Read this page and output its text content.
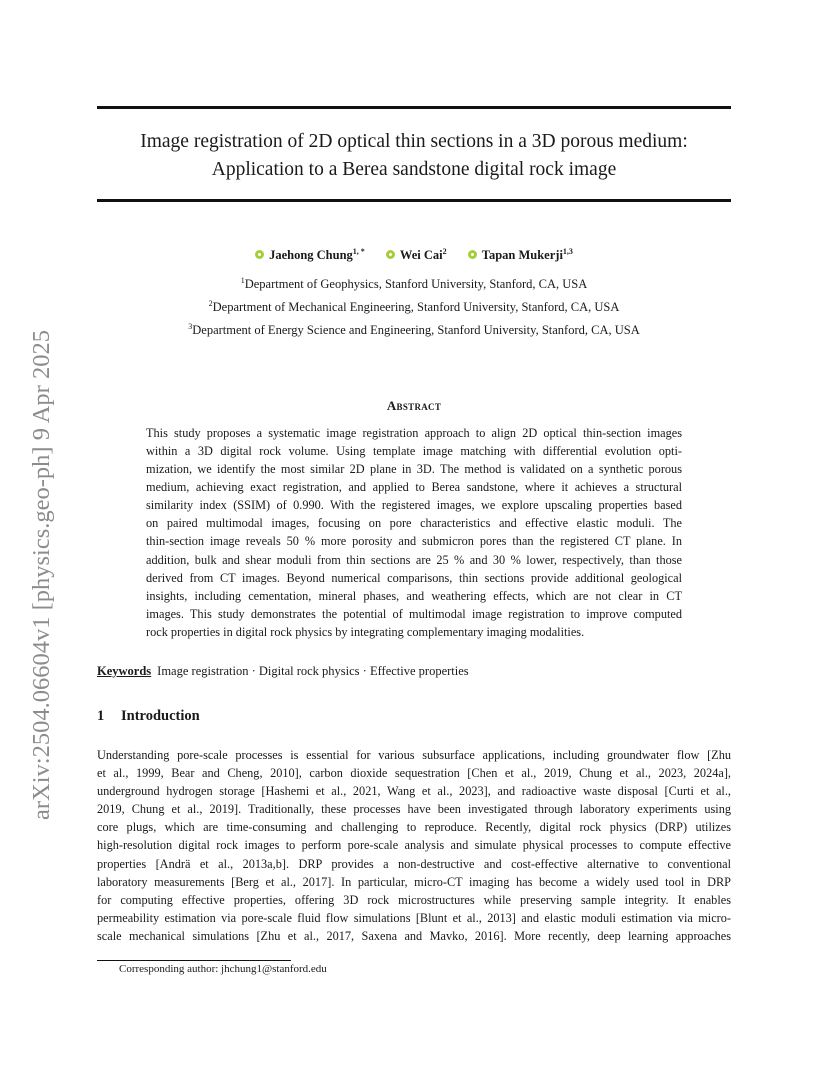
arXiv:2504.06604v1 [physics.geo-ph] 9 Apr 2025
Image registration of 2D optical thin sections in a 3D porous medium:
Application to a Berea sandstone digital rock image
Jaehong Chung$^{1, *}$	Wei Cai$^2$	Tapan Mukerji$^{1,3}$
$^1$Department of Geophysics, Stanford University, Stanford, CA, USA
$^2$Department of Mechanical Engineering, Stanford University, Stanford, CA, USA
$^3$Department of Energy Science and Engineering, Stanford University, Stanford, CA, USA
Abstract
This study proposes a systematic image registration approach to align 2D optical thin-section images
within a 3D digital rock volume. Using template image matching with differential evolution opti-
mization, we identify the most similar 2D plane in 3D. The method is validated on a synthetic porous
medium, achieving exact registration, and applied to Berea sandstone, where it achieves a structural
similarity index (SSIM) of 0.990. With the registered images, we explore upscaling properties based
on paired multimodal images, focusing on pore characteristics and effective elastic moduli. The
thin-section image reveals 50 % more porosity and submicron pores than the registered CT plane. In
addition, bulk and shear moduli from thin sections are 25 % and 30 % lower, respectively, than those
derived from CT images. Beyond numerical comparisons, thin sections provide additional geological
insights, including cementation, mineral phases, and weathering effects, which are not clear in CT
images. This study demonstrates the potential of multimodal image registration to improve computed
rock properties in digital rock physics by integrating complementary imaging modalities.
Keywords Image registration · Digital rock physics · Effective properties
1 Introduction
Understanding pore-scale processes is essential for various subsurface applications, including groundwater flow [Zhu
et al., 1999, Bear and Cheng, 2010], carbon dioxide sequestration [Chen et al., 2019, Chung et al., 2023, 2024a],
underground hydrogen storage [Hashemi et al., 2021, Wang et al., 2023], and radioactive waste disposal [Curti et al.,
2019, Chung et al., 2019]. Traditionally, these processes have been investigated through laboratory experiments using
core plugs, which are time-consuming and challenging to reproduce. Recently, digital rock physics (DRP) utilizes
high-resolution digital rock images to perform pore-scale analysis and simulate physical processes to compute effective
properties [Andrä et al., 2013a,b]. DRP provides a non-destructive and cost-effective alternative to conventional
laboratory measurements [Berg et al., 2017]. In particular, micro-CT imaging has become a widely used tool in DRP
for computing effective properties, offering 3D rock microstructures while preserving sample integrity. It enables
permeability estimation via pore-scale fluid flow simulations [Blunt et al., 2013] and elastic moduli estimation via micro-
scale mechanical simulations [Zhu et al., 2017, Saxena and Mavko, 2016]. More recently, deep learning approaches
Corresponding author: jhchung1@stanford.edu
